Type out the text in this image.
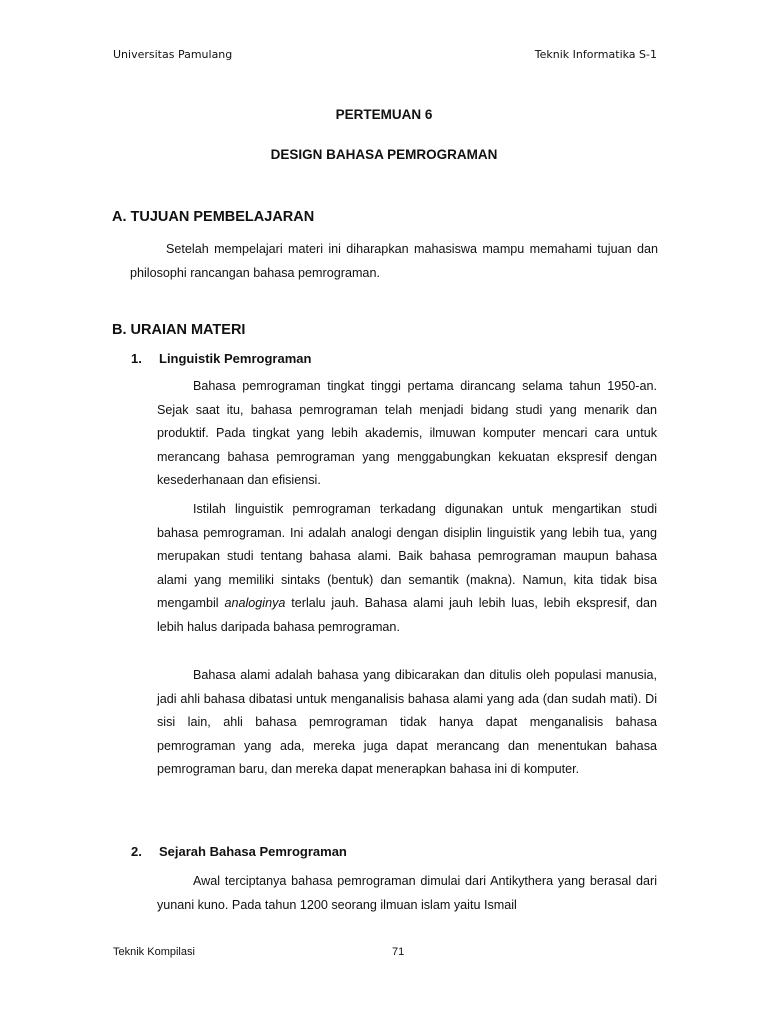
Universitas Pamulang	Teknik Informatika S-1
PERTEMUAN 6
DESIGN BAHASA PEMROGRAMAN
A. TUJUAN PEMBELAJARAN

Setelah mempelajari materi ini diharapkan mahasiswa mampu memahami tujuan dan philosophi rancangan bahasa pemrograman.

B. URAIAN MATERI
1. Linguistik Pemrograman

Bahasa pemrograman tingkat tinggi pertama dirancang selama tahun 1950-an. Sejak saat itu, bahasa pemrograman telah menjadi bidang studi yang menarik dan produktif. Pada tingkat yang lebih akademis, ilmuwan komputer mencari cara untuk merancang bahasa pemrograman yang menggabungkan kekuatan ekspresif dengan kesederhanaan dan efisiensi.

Istilah linguistik pemrograman terkadang digunakan untuk mengartikan studi bahasa pemrograman. Ini adalah analogi dengan disiplin linguistik yang lebih tua, yang merupakan studi tentang bahasa alami. Baik bahasa pemrograman maupun bahasa alami yang memiliki sintaks (bentuk) dan semantik (makna). Namun, kita tidak bisa mengambil analoginya terlalu jauh. Bahasa alami jauh lebih luas, lebih ekspresif, dan lebih halus daripada bahasa pemrograman.

Bahasa alami adalah bahasa yang dibicarakan dan ditulis oleh populasi manusia, jadi ahli bahasa dibatasi untuk menganalisis bahasa alami yang ada (dan sudah mati). Di sisi lain, ahli bahasa pemrograman tidak hanya dapat menganalisis bahasa pemrograman yang ada, mereka juga dapat merancang dan menentukan bahasa pemrograman baru, dan mereka dapat menerapkan bahasa ini di komputer.

2. Sejarah Bahasa Pemrograman

Awal terciptanya bahasa pemrograman dimulai dari Antikythera yang berasal dari yunani kuno. Pada tahun 1200 seorang ilmuan islam yaitu Ismail

Teknik Kompilasi	71
